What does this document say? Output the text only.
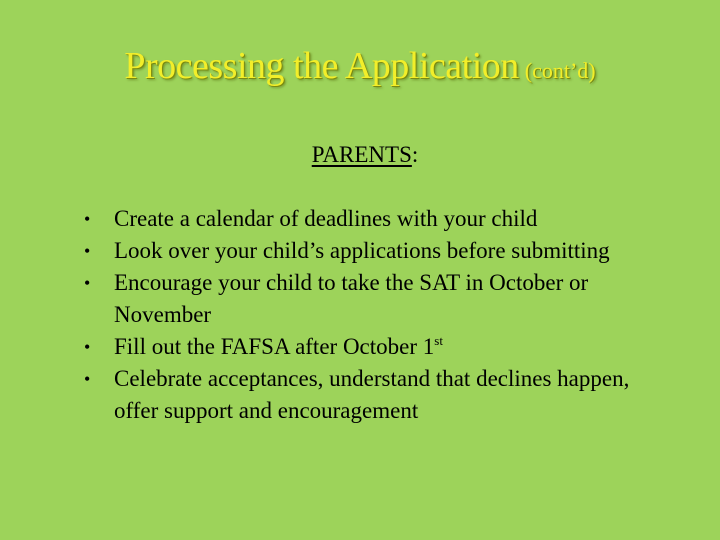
Processing the Application (cont’d)
PARENTS:
•	Create a calendar of deadlines with your child
•	Look over your child’s applications before submitting
•	Encourage your child to take the SAT in October or November
•	Fill out the FAFSA after October 1st
•	Celebrate acceptances, understand that declines happen, offer support and encouragement
